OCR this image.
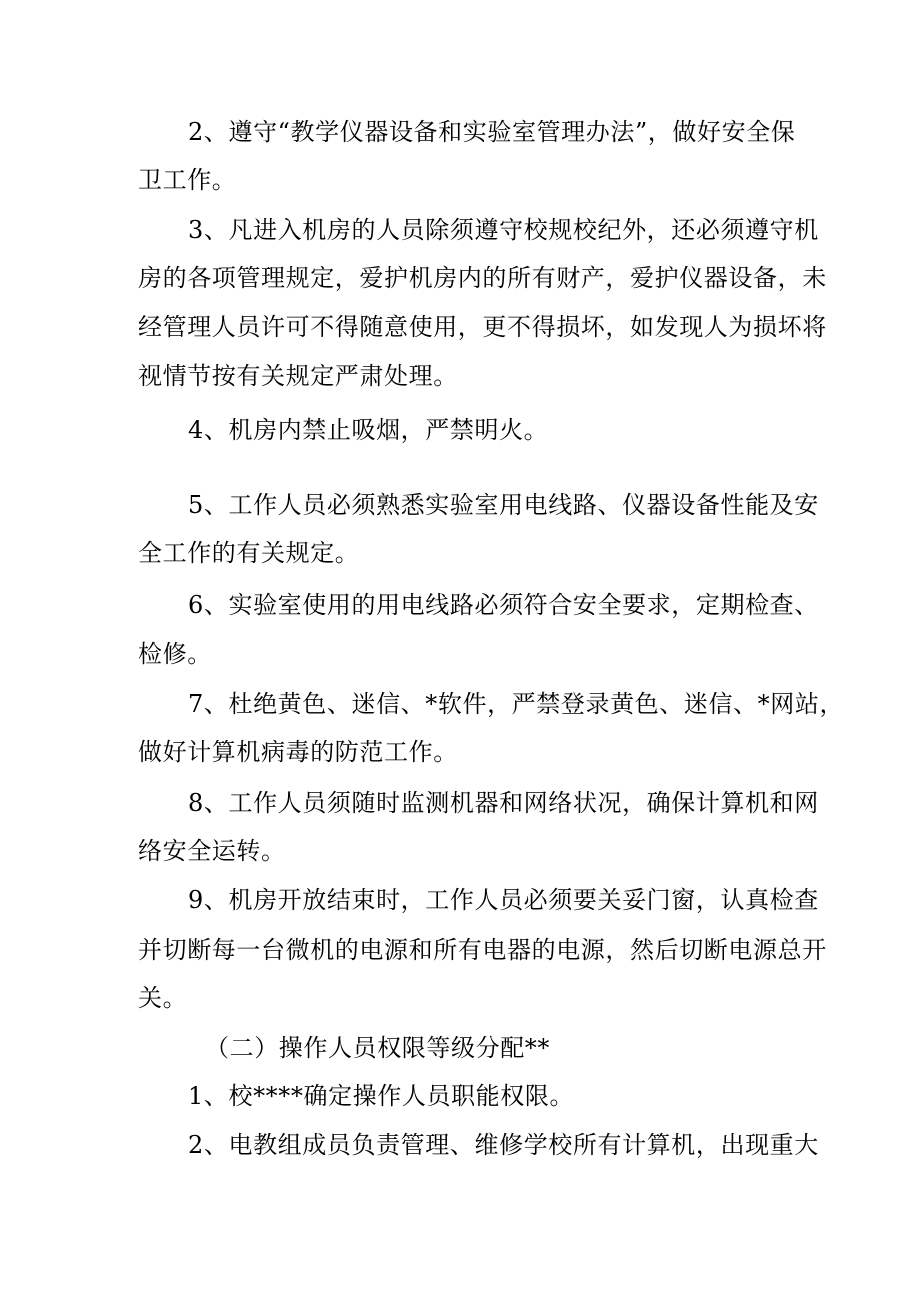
2、遵守“教学仪器设备和实验室管理办法”，做好安全保
卫工作。
3、凡进入机房的人员除须遵守校规校纪外，还必须遵守机
房的各项管理规定，爱护机房内的所有财产，爱护仪器设备，未
经管理人员许可不得随意使用，更不得损坏，如发现人为损坏将
视情节按有关规定严肃处理。
4、机房内禁止吸烟，严禁明火。
5、工作人员必须熟悉实验室用电线路、仪器设备性能及安
全工作的有关规定。
6、实验室使用的用电线路必须符合安全要求，定期检查、
检修。
7、杜绝黄色、迷信、*软件，严禁登录黄色、迷信、*网站，
做好计算机病毒的防范工作。
8、工作人员须随时监测机器和网络状况，确保计算机和网
络安全运转。
9、机房开放结束时，工作人员必须要关妥门窗，认真检查
并切断每一台微机的电源和所有电器的电源，然后切断电源总开
关。
（二）操作人员权限等级分配**
1、校****确定操作人员职能权限。
2、电教组成员负责管理、维修学校所有计算机，出现重大
